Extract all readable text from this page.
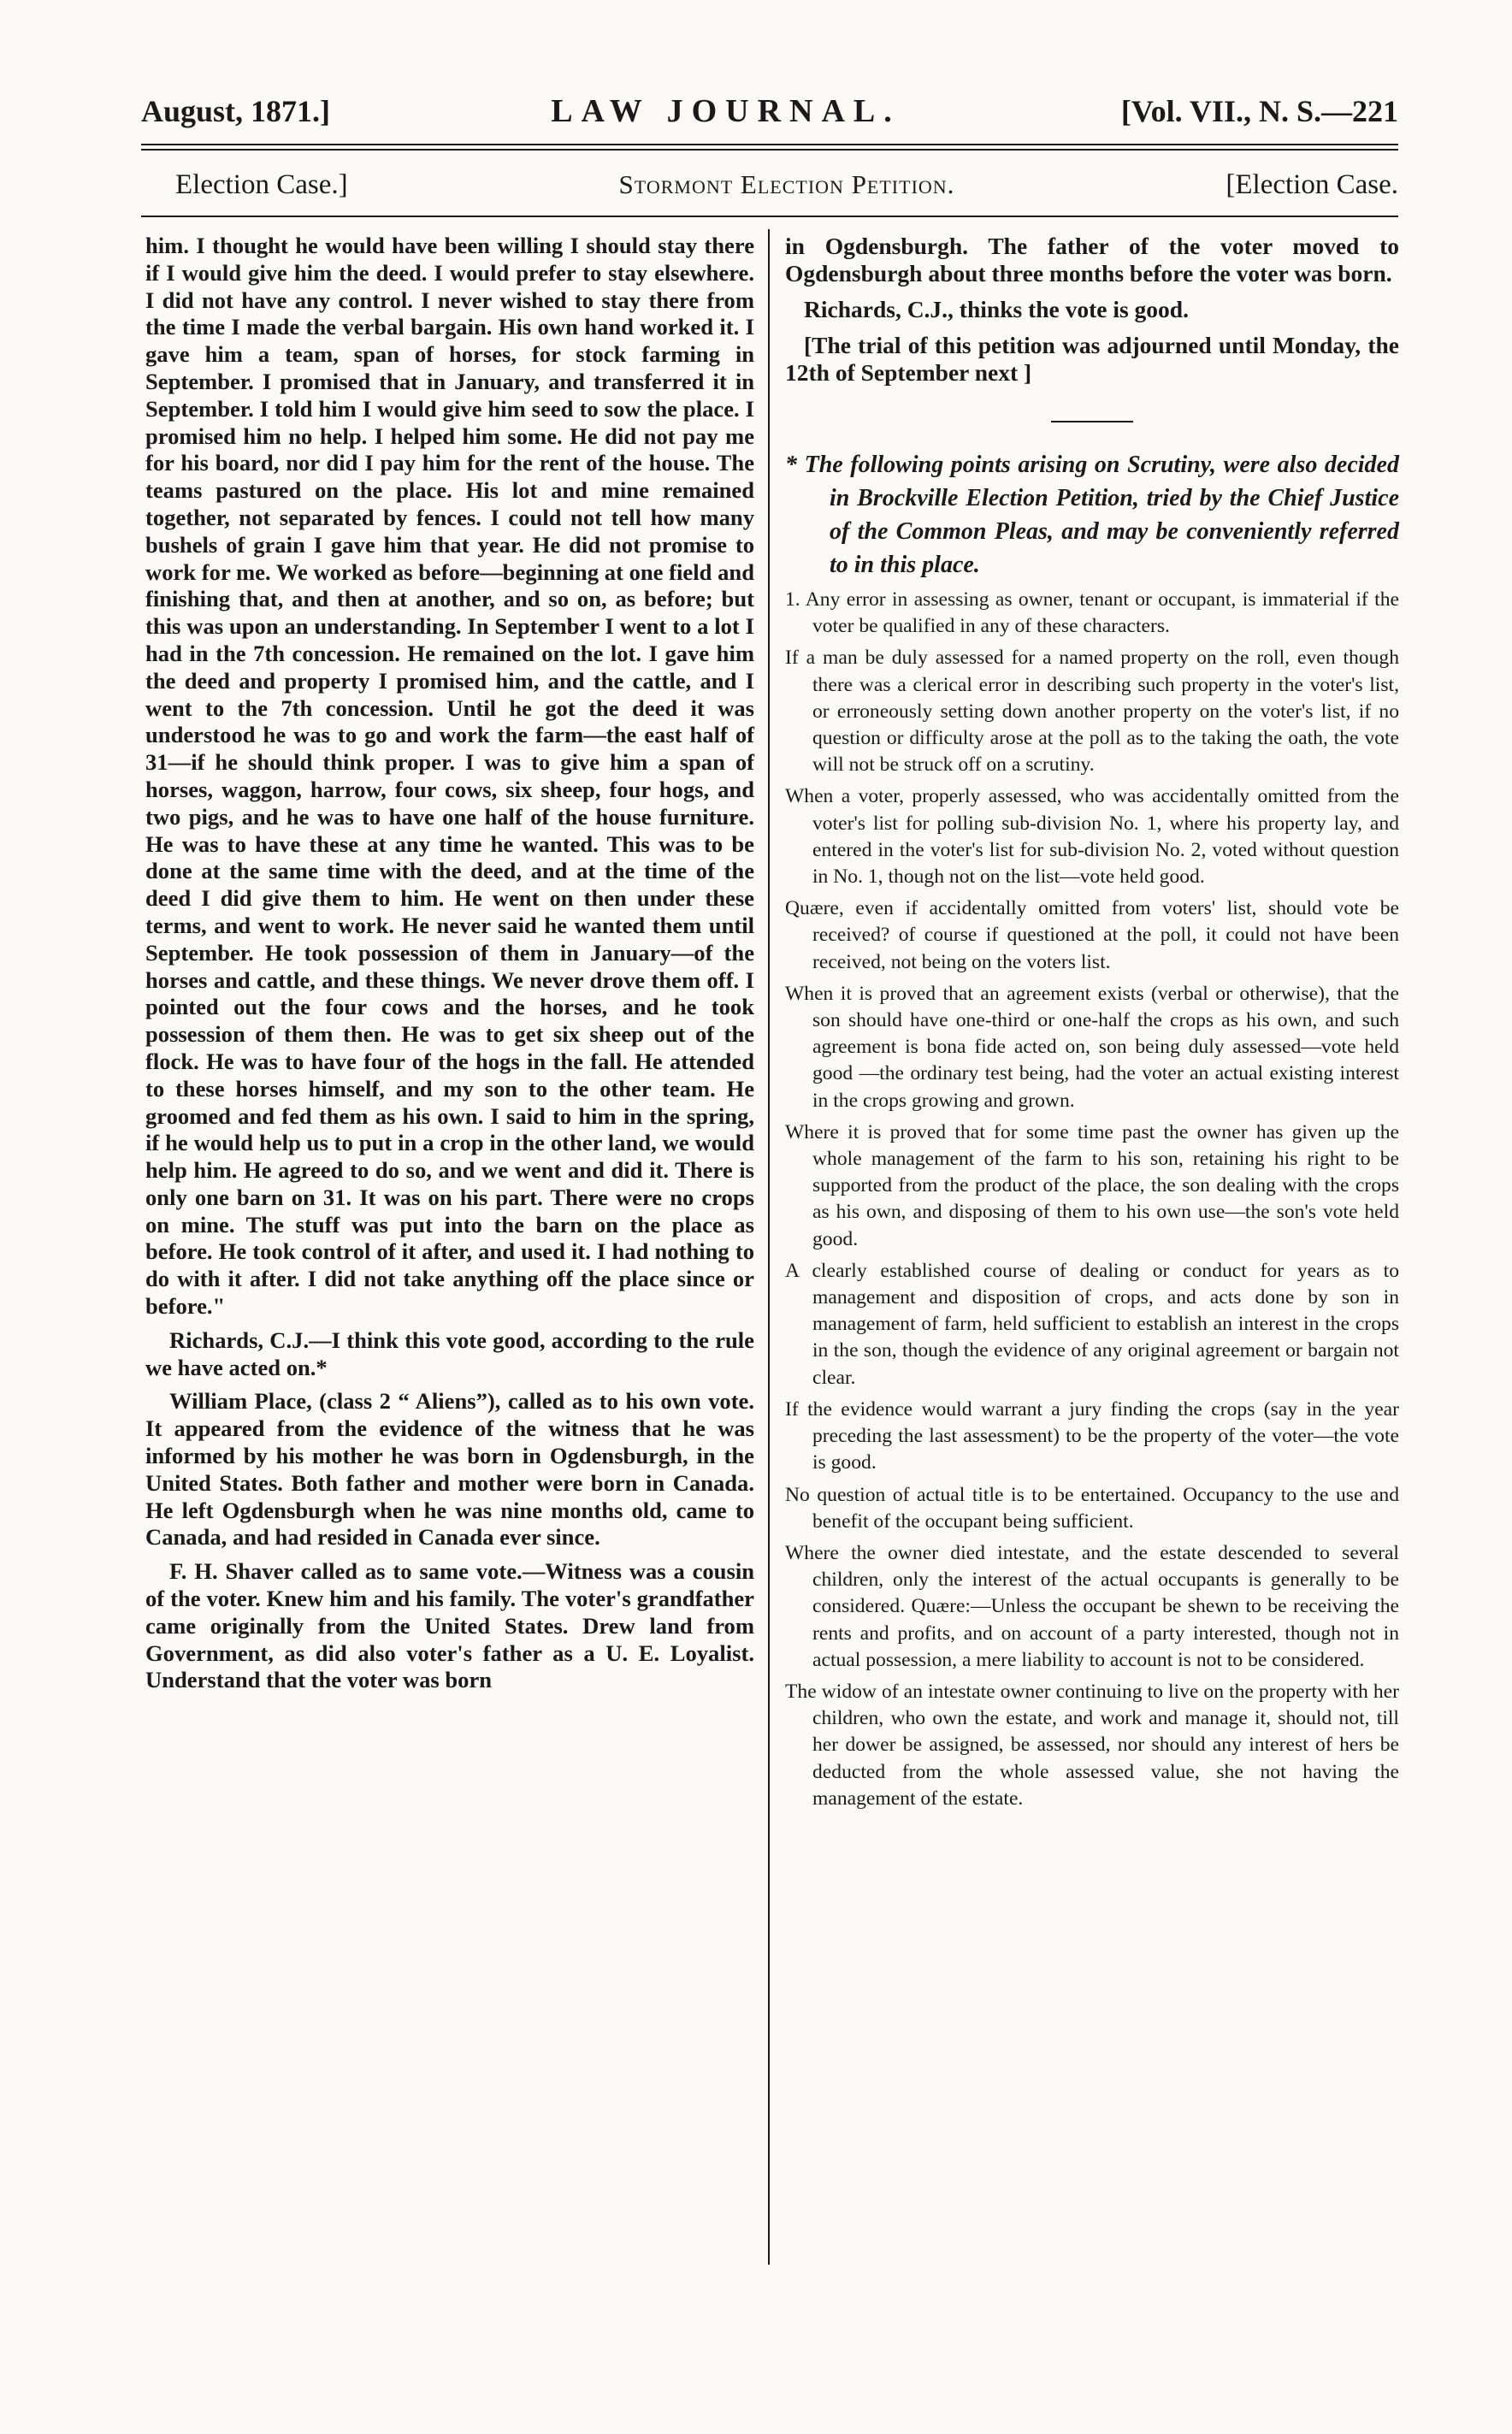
August, 1871.]	LAW JOURNAL.	[Vol. VII., N. S.—221
Election Case.]	Stormont Election Petition.	[Election Case.

him. I thought he would have been willing I should stay there if I would give him the deed. I would prefer to stay elsewhere. I did not have any control. I never wished to stay there from the time I made the verbal bargain. His own hand worked it. I gave him a team, span of horses, for stock farming in September. I promised that in January, and transferred it in September. I told him I would give him seed to sow the place. I promised him no help. I helped him some. He did not pay me for his board, nor did I pay him for the rent of the house. The teams pastured on the place. His lot and mine remained together, not separated by fences. I could not tell how many bushels of grain I gave him that year. He did not promise to work for me. We worked as before—beginning at one field and finishing that, and then at another, and so on, as before; but this was upon an understanding. In September I went to a lot I had in the 7th concession. He remained on the lot. I gave him the deed and property I promised him, and the cattle, and I went to the 7th concession. Until he got the deed it was understood he was to go and work the farm—the east half of 31—if he should think proper. I was to give him a span of horses, waggon, harrow, four cows, six sheep, four hogs, and two pigs, and he was to have one half of the house furniture. He was to have these at any time he wanted. This was to be done at the same time with the deed, and at the time of the deed I did give them to him. He went on then under these terms, and went to work. He never said he wanted them until September. He took possession of them in January—of the horses and cattle, and these things. We never drove them off. I pointed out the four cows and the horses, and he took possession of them then. He was to get six sheep out of the flock. He was to have four of the hogs in the fall. He attended to these horses himself, and my son to the other team. He groomed and fed them as his own. I said to him in the spring, if he would help us to put in a crop in the other land, we would help him. He agreed to do so, and we went and did it. There is only one barn on 31. It was on his part. There were no crops on mine. The stuff was put into the barn on the place as before. He took control of it after, and used it. I had nothing to do with it after. I did not take anything off the place since or before."

Richards, C.J.—I think this vote good, according to the rule we have acted on.*

William Place, (class 2 “ Aliens”), called as to his own vote. It appeared from the evidence of the witness that he was informed by his mother he was born in Ogdensburgh, in the United States. Both father and mother were born in Canada. He left Ogdensburgh when he was nine months old, came to Canada, and had resided in Canada ever since.

F. H. Shaver called as to same vote.—Witness was a cousin of the voter. Knew him and his family. The voter's grandfather came originally from the United States. Drew land from Government, as did also voter's father as a U. E. Loyalist. Understand that the voter was born

in Ogdensburgh. The father of the voter moved to Ogdensburgh about three months before the voter was born.

Richards, C.J., thinks the vote is good.

[The trial of this petition was adjourned until Monday, the 12th of September next ]

* The following points arising on Scrutiny, were also decided in Brockville Election Petition, tried by the Chief Justice of the Common Pleas, and may be conveniently referred to in this place.

1. Any error in assessing as owner, tenant or occupant, is immaterial if the voter be qualified in any of these characters.

If a man be duly assessed for a named property on the roll, even though there was a clerical error in describing such property in the voter's list, or erroneously setting down another property on the voter's list, if no question or difficulty arose at the poll as to the taking the oath, the vote will not be struck off on a scrutiny.

When a voter, properly assessed, who was accidentally omitted from the voter's list for polling sub-division No. 1, where his property lay, and entered in the voter's list for sub-division No. 2, voted without question in No. 1, though not on the list—vote held good.

Quære, even if accidentally omitted from voters' list, should vote be received? of course if questioned at the poll, it could not have been received, not being on the voters list.

When it is proved that an agreement exists (verbal or otherwise), that the son should have one-third or one-half the crops as his own, and such agreement is bona fide acted on, son being duly assessed—vote held good —the ordinary test being, had the voter an actual existing interest in the crops growing and grown.

Where it is proved that for some time past the owner has given up the whole management of the farm to his son, retaining his right to be supported from the product of the place, the son dealing with the crops as his own, and disposing of them to his own use—the son's vote held good.

A clearly established course of dealing or conduct for years as to management and disposition of crops, and acts done by son in management of farm, held sufficient to establish an interest in the crops in the son, though the evidence of any original agreement or bargain not clear.

If the evidence would warrant a jury finding the crops (say in the year preceding the last assessment) to be the property of the voter—the vote is good.

No question of actual title is to be entertained. Occupancy to the use and benefit of the occupant being sufficient.

Where the owner died intestate, and the estate descended to several children, only the interest of the actual occupants is generally to be considered. Quære:—Unless the occupant be shewn to be receiving the rents and profits, and on account of a party interested, though not in actual possession, a mere liability to account is not to be considered.

The widow of an intestate owner continuing to live on the property with her children, who own the estate, and work and manage it, should not, till her dower be assigned, be assessed, nor should any interest of hers be deducted from the whole assessed value, she not having the management of the estate.
